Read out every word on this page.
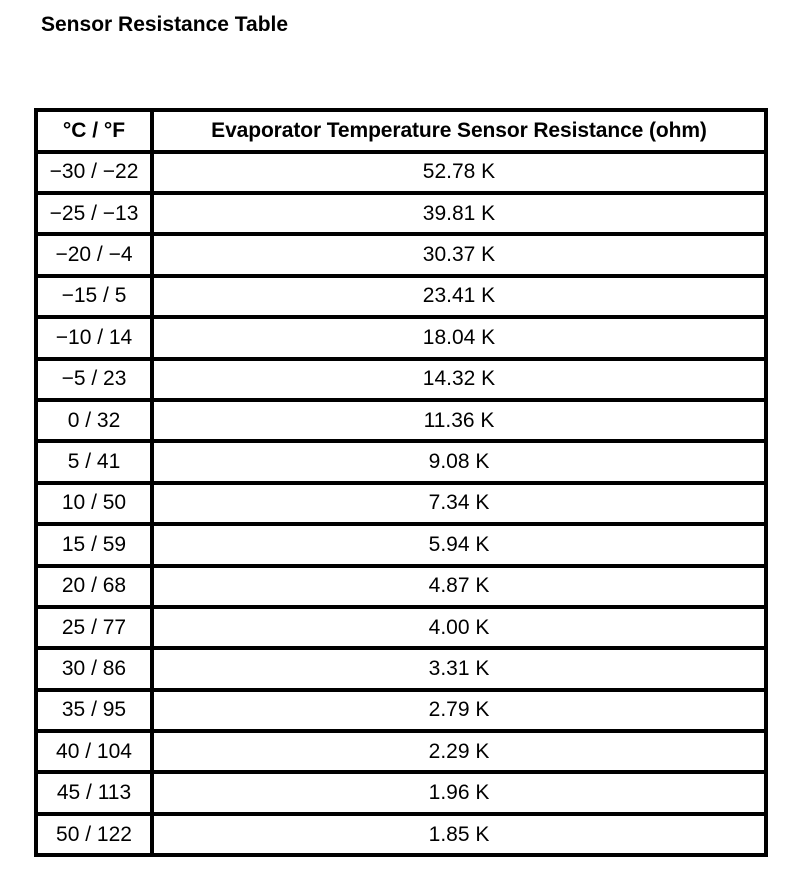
Sensor Resistance Table
°C / °F	Evaporator Temperature Sensor Resistance (ohm)
−30 / −22	52.78 K
−25 / −13	39.81 K
−20 / −4	30.37 K
−15 / 5	23.41 K
−10 / 14	18.04 K
−5 / 23	14.32 K
0 / 32	11.36 K
5 / 41	9.08 K
10 / 50	7.34 K
15 / 59	5.94 K
20 / 68	4.87 K
25 / 77	4.00 K
30 / 86	3.31 K
35 / 95	2.79 K
40 / 104	2.29 K
45 / 113	1.96 K
50 / 122	1.85 K
